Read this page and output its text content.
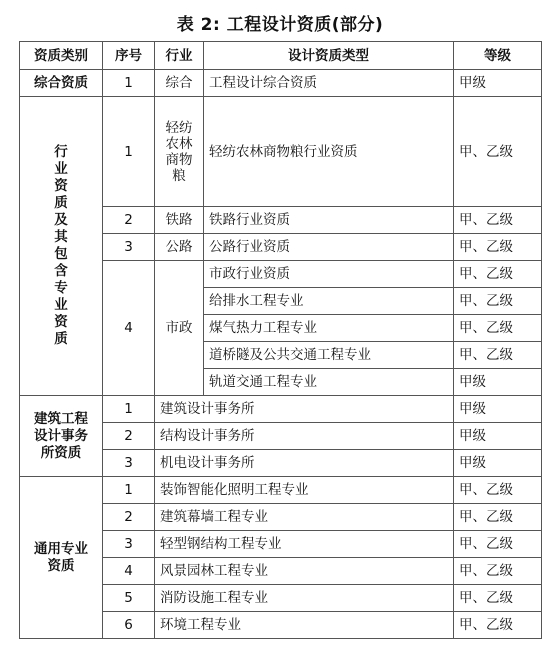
表 2: 工程设计资质(部分)
资质类别	序号	行业	设计资质类型	等级
综合资质	1	综合	工程设计综合资质	甲级

行业资质及其包含专业资质	1	轻纺农林商物粮	轻纺农林商物粮行业资质	甲、乙级
	2	铁路	铁路行业资质	甲、乙级
	3	公路	公路行业资质	甲、乙级
	4	市政	市政行业资质	甲、乙级
			给排水工程专业	甲、乙级
			煤气热力工程专业	甲、乙级
			道桥隧及公共交通工程专业	甲、乙级
			轨道交通工程专业	甲级

建筑工程设计事务所资质	1	建筑设计事务所		甲级
	2	结构设计事务所		甲级
	3	机电设计事务所		甲级

通用专业资质	1	装饰智能化照明工程专业		甲、乙级
	2	建筑幕墙工程专业		甲、乙级
	3	轻型钢结构工程专业		甲、乙级
	4	风景园林工程专业		甲、乙级
	5	消防设施工程专业		甲、乙级
	6	环境工程专业		甲、乙级
